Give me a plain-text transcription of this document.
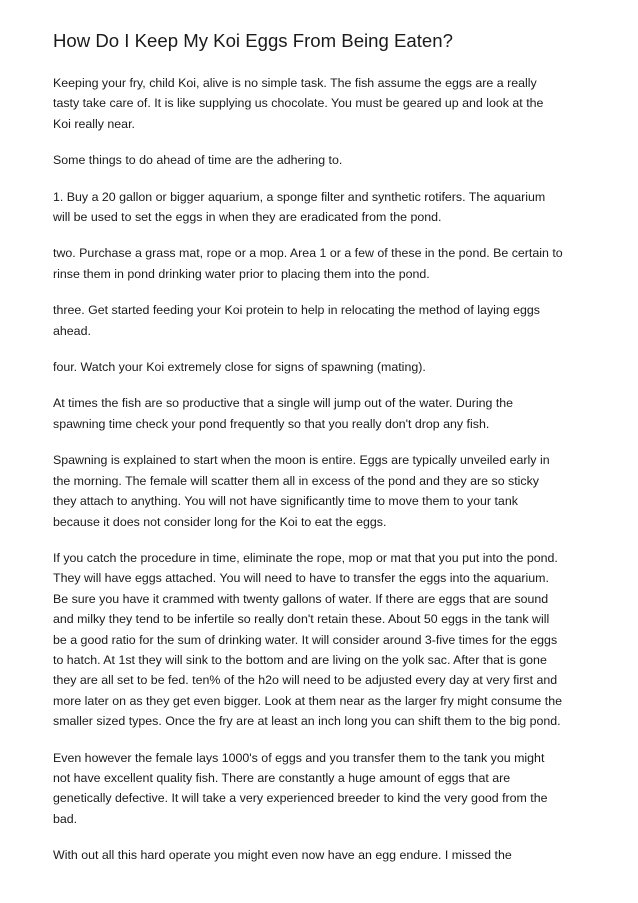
How Do I Keep My Koi Eggs From Being Eaten?

Keeping your fry, child Koi, alive is no simple task. The fish assume the eggs are a really
tasty take care of. It is like supplying us chocolate. You must be geared up and look at the
Koi really near.

Some things to do ahead of time are the adhering to.

1. Buy a 20 gallon or bigger aquarium, a sponge filter and synthetic rotifers. The aquarium
will be used to set the eggs in when they are eradicated from the pond.

two. Purchase a grass mat, rope or a mop. Area 1 or a few of these in the pond. Be certain to
rinse them in pond drinking water prior to placing them into the pond.

three. Get started feeding your Koi protein to help in relocating the method of laying eggs
ahead.

four. Watch your Koi extremely close for signs of spawning (mating).

At times the fish are so productive that a single will jump out of the water. During the
spawning time check your pond frequently so that you really don't drop any fish.

Spawning is explained to start when the moon is entire. Eggs are typically unveiled early in
the morning. The female will scatter them all in excess of the pond and they are so sticky
they attach to anything. You will not have significantly time to move them to your tank
because it does not consider long for the Koi to eat the eggs.

If you catch the procedure in time, eliminate the rope, mop or mat that you put into the pond.
They will have eggs attached. You will need to have to transfer the eggs into the aquarium.
Be sure you have it crammed with twenty gallons of water. If there are eggs that are sound
and milky they tend to be infertile so really don't retain these. About 50 eggs in the tank will
be a good ratio for the sum of drinking water. It will consider around 3-five times for the eggs
to hatch. At 1st they will sink to the bottom and are living on the yolk sac. After that is gone
they are all set to be fed. ten% of the h2o will need to be adjusted every day at very first and
more later on as they get even bigger. Look at them near as the larger fry might consume the
smaller sized types. Once the fry are at least an inch long you can shift them to the big pond.

Even however the female lays 1000's of eggs and you transfer them to the tank you might
not have excellent quality fish. There are constantly a huge amount of eggs that are
genetically defective. It will take a very experienced breeder to kind the very good from the
bad.

With out all this hard operate you might even now have an egg endure. I missed the
